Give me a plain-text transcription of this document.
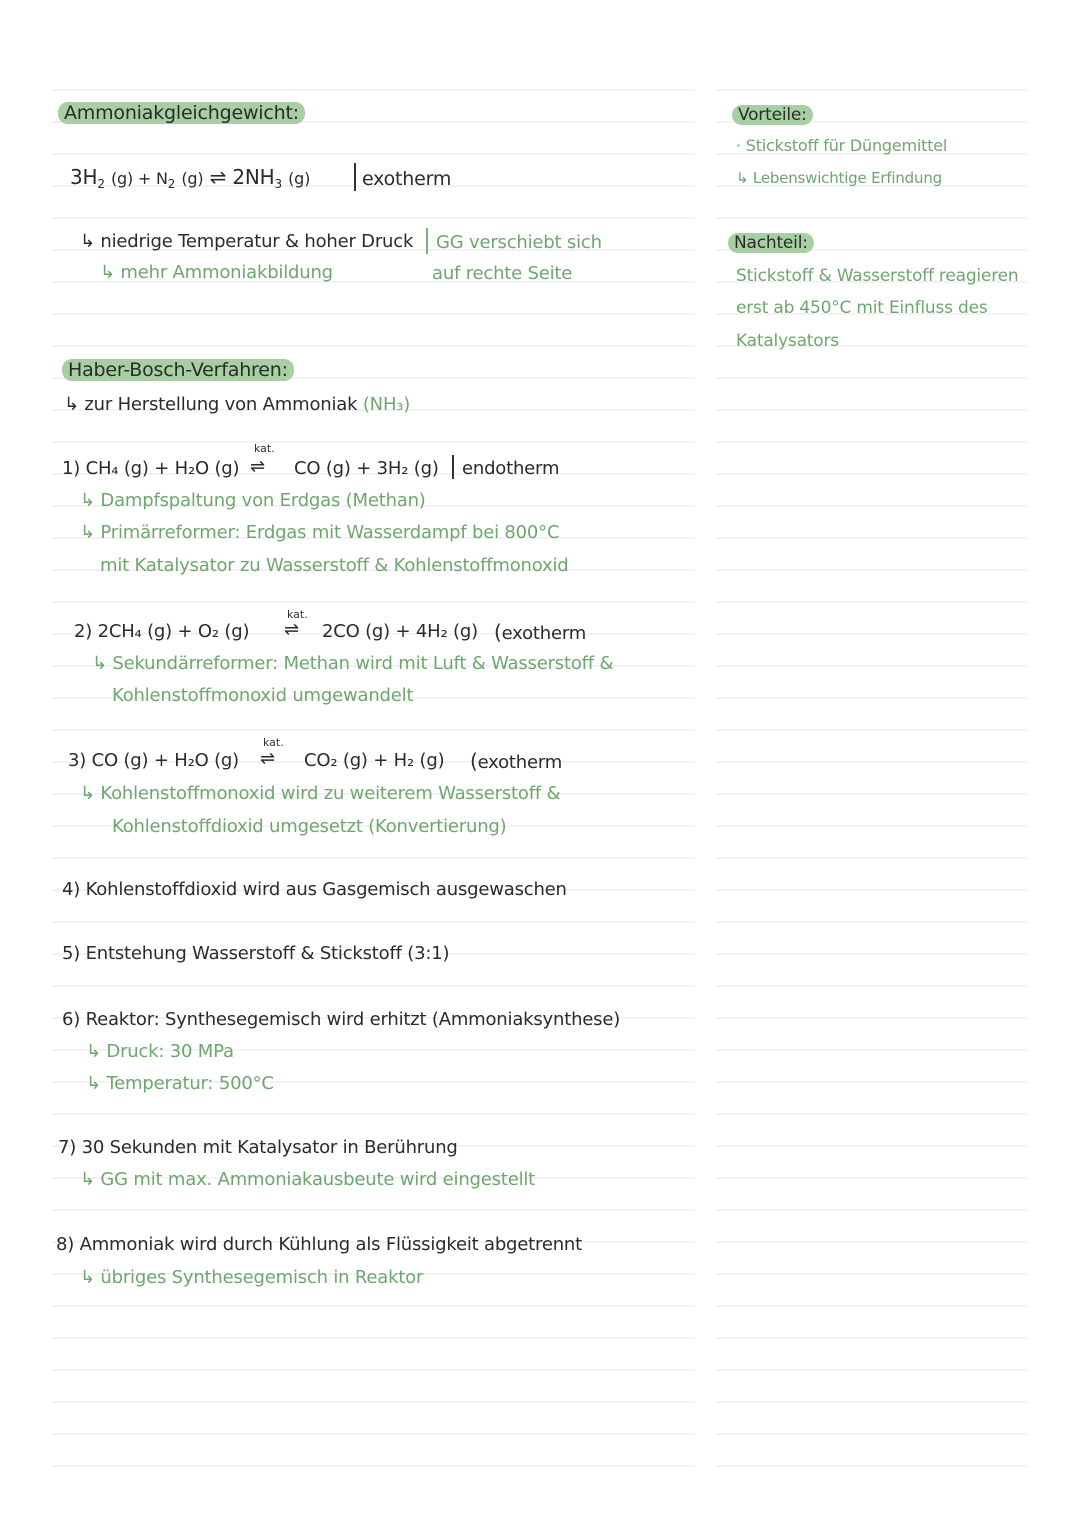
Ammoniakgleichgewicht:
$3H_2$ $(g) + N_2$ (g) ⇌ $2NH_3$ (g)	exotherm
↳ niedrige Temperatur & hoher Druck GG verschiebt sich
↳ mehr Ammoniakbildung	auf rechte Seite
Haber-Bosch-Verfahren:
↳ zur Herstellung von Ammoniak (NH₃)
kat.
1) CH₄ (g) + H₂O (g) ⇌ CO (g) + 3H₂ (g) endotherm
↳ Dampfspaltung von Erdgas (Methan)
↳ Primärreformer: Erdgas mit Wasserdampf bei 800°C
mit Katalysator zu Wasserstoff & Kohlenstoffmonoxid
kat.
2) 2CH₄ (g) + O₂ (g) ⇌ 2CO (g) + 4H₂ (g) (exotherm
↳ Sekundärreformer: Methan wird mit Luft & Wasserstoff &
Kohlenstoffmonoxid umgewandelt
kat.
3) CO (g) + H₂O (g) ⇌ CO₂ (g) + H₂ (g) (exotherm
↳ Kohlenstoffmonoxid wird zu weiterem Wasserstoff &
Kohlenstoffdioxid umgesetzt (Konvertierung)
4) Kohlenstoffdioxid wird aus Gasgemisch ausgewaschen
5) Entstehung Wasserstoff & Stickstoff (3:1)
6) Reaktor: Synthesegemisch wird erhitzt (Ammoniaksynthese)
↳ Druck: 30 MPa
↳ Temperatur: 500°C
7) 30 Sekunden mit Katalysator in Berührung
↳ GG mit max. Ammoniakausbeute wird eingestellt
8) Ammoniak wird durch Kühlung als Flüssigkeit abgetrennt
↳ übriges Synthesegemisch in Reaktor
Vorteile:
· Stickstoff für Düngemittel
↳ Lebenswichtige Erfindung
Nachteil:
Stickstoff & Wasserstoff reagieren
erst ab 450°C mit Einfluss des
Katalysators
